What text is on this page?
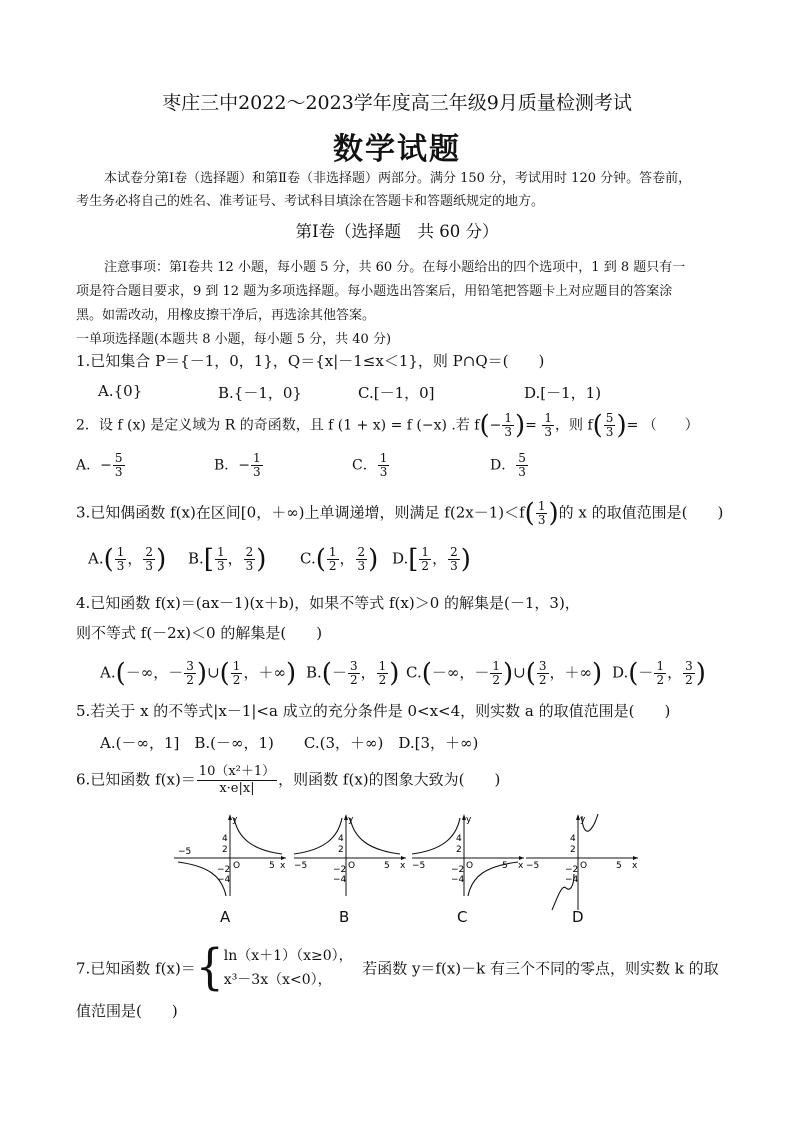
枣庄三中2022～2023学年度高三年级9月质量检测考试
数学试题
本试卷分第Ⅰ卷（选择题）和第Ⅱ卷（非选择题）两部分。满分 150 分，考试用时 120 分钟。答卷前，
考生务必将自己的姓名、准考证号、考试科目填涂在答题卡和答题纸规定的地方。
第Ⅰ卷（选择题　共 60 分）
注意事项：第Ⅰ卷共 12 小题，每小题 5 分，共 60 分。在每小题给出的四个选项中，1 到 8 题只有一
项是符合题目要求，9 到 12 题为多项选择题。每小题选出答案后，用铅笔把答题卡上对应题目的答案涂
黑。如需改动，用橡皮擦干净后，再选涂其他答案。
一单项选择题(本题共 8 小题，每小题 5 分，共 40 分)
1.已知集合 P＝{－1，0，1}，Q＝{x|－1≤x＜1}，则 P∩Q＝(　　)
A.{0}	B.{－1，0}	C.[－1，0]	D.[－1，1)
2．设 f (x) 是定义域为 R 的奇函数，且 f (1 + x) = f (−x) .若 $f(- \frac{1}{3}$ )= $\frac{1}{3}$ ，则 $f( \frac{5}{3}$ )= （　　）
A．− $\frac{5}{3}$	B．− $\frac{1}{3}$	C． $\frac{1}{3}$	D． $\frac{5}{3}$
3.已知偶函数 f(x)在区间[0，＋∞)上单调递增，则满足 $f(2x-1)<f( \frac{1}{3}$ )的 x 的取值范围是(　　)
$A.( \frac{1}{3}$ ， $\frac{2}{3}$ ) $B.[ \frac{1}{3}$ ， $\frac{2}{3}$ ) $C.( \frac{1}{2}$ ， $\frac{2}{3}$ ) $D.[ \frac{1}{2}$ ， $\frac{2}{3}$ )
4.已知函数 f(x)＝(ax－1)(x＋b)，如果不等式 f(x)＞0 的解集是(－1，3)，
则不等式 f(－2x)＜0 的解集是(　　)
A.(－∞，－ $\frac{3}{2}$ )∪( $\frac{1}{2}$ ，＋∞) $B.(- \frac{3}{2}$ ， $\frac{1}{2}$ ) C.(－∞，－ $\frac{1}{2}$ )∪( $\frac{3}{2}$ ，＋∞) $D.(- \frac{1}{2}$ ， $\frac{3}{2}$ )
5.若关于 x 的不等式|x－1|<a 成立的充分条件是 0<x<4，则实数 a 的取值范围是(　　)
A.(－∞，1]　B.(－∞，1)　　C.(3，＋∞)　D.[3，＋∞)
6.已知函数 $f(x)= \frac{\text{10（x²＋1）}}{x\cdot e|x|}$ ，则函数 f(x)的图象大致为(　　)
y
x
−5
5
4
2
−2
−4
O
y
x
−5	5
4
2
−2
−4
O
y
x
−5	5
4
2
−2
−4
O
y
x
−5	5
4
2
−2
−4
O
A	B	C	D
7.已知函数 f(x)＝{ ln（x＋1）（x≥0），
x³－3x（x<0），
若函数 y＝f(x)－k 有三个不同的零点，则实数 k 的取
值范围是(　　)
